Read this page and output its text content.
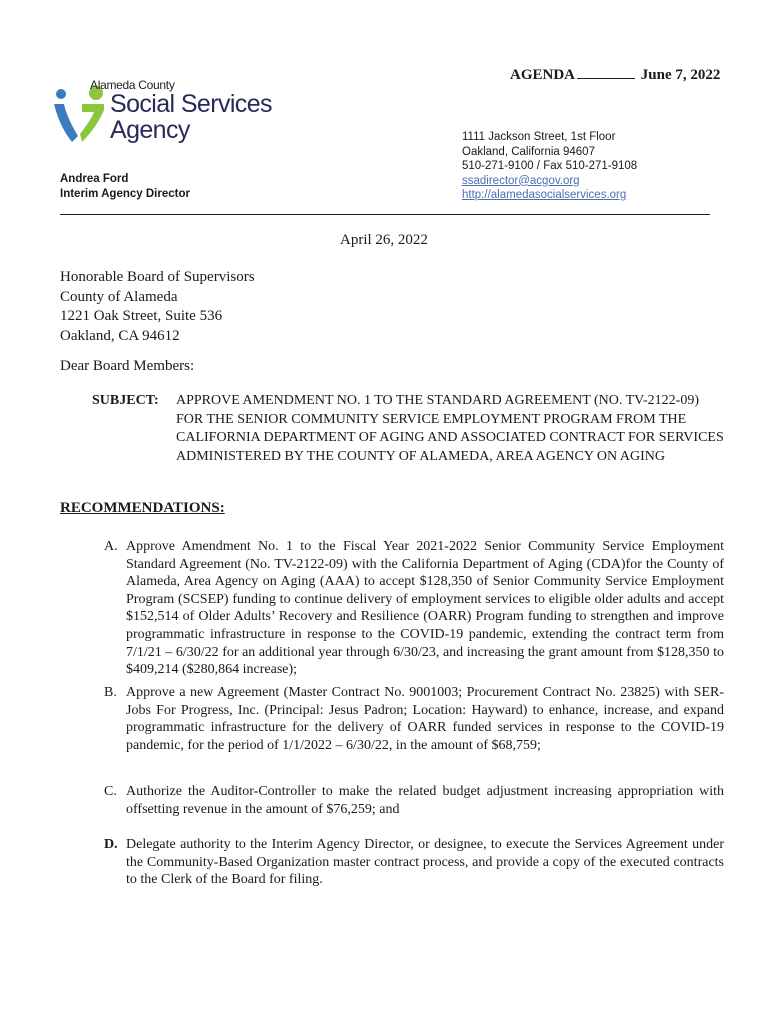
AGENDA	June 7, 2022
Alameda County
Social Services
Agency
Andrea Ford
Interim Agency Director
1111 Jackson Street, 1st Floor
Oakland, California 94607
510-271-9100 / Fax 510-271-9108
ssadirector@acgov.org
http://alamedasocialservices.org
April 26, 2022
Honorable Board of Supervisors
County of Alameda
1221 Oak Street, Suite 536
Oakland, CA 94612
Dear Board Members:
SUBJECT: APPROVE AMENDMENT NO. 1 TO THE STANDARD AGREEMENT (NO. TV-2122-09) FOR THE SENIOR COMMUNITY SERVICE EMPLOYMENT PROGRAM FROM THE CALIFORNIA DEPARTMENT OF AGING AND ASSOCIATED CONTRACT FOR SERVICES ADMINISTERED BY THE COUNTY OF ALAMEDA, AREA AGENCY ON AGING
RECOMMENDATIONS:
A. Approve Amendment No. 1 to the Fiscal Year 2021-2022 Senior Community Service Employment Standard Agreement (No. TV-2122-09) with the California Department of Aging (CDA)for the County of Alameda, Area Agency on Aging (AAA) to accept $128,350 of Senior Community Service Employment Program (SCSEP) funding to continue delivery of employment services to eligible older adults and accept $152,514 of Older Adults’ Recovery and Resilience (OARR) Program funding to strengthen and improve programmatic infrastructure in response to the COVID-19 pandemic, extending the contract term from 7/1/21 – 6/30/22 for an additional year through 6/30/23, and increasing the grant amount from $128,350 to $409,214 ($280,864 increase);
B. Approve a new Agreement (Master Contract No. 9001003; Procurement Contract No. 23825) with SER-Jobs For Progress, Inc. (Principal: Jesus Padron; Location: Hayward) to enhance, increase, and expand programmatic infrastructure for the delivery of OARR funded services in response to the COVID-19 pandemic, for the period of 1/1/2022 – 6/30/22, in the amount of $68,759;
C. Authorize the Auditor-Controller to make the related budget adjustment increasing appropriation with offsetting revenue in the amount of $76,259; and
D. Delegate authority to the Interim Agency Director, or designee, to execute the Services Agreement under the Community-Based Organization master contract process, and provide a copy of the executed contracts to the Clerk of the Board for filing.
